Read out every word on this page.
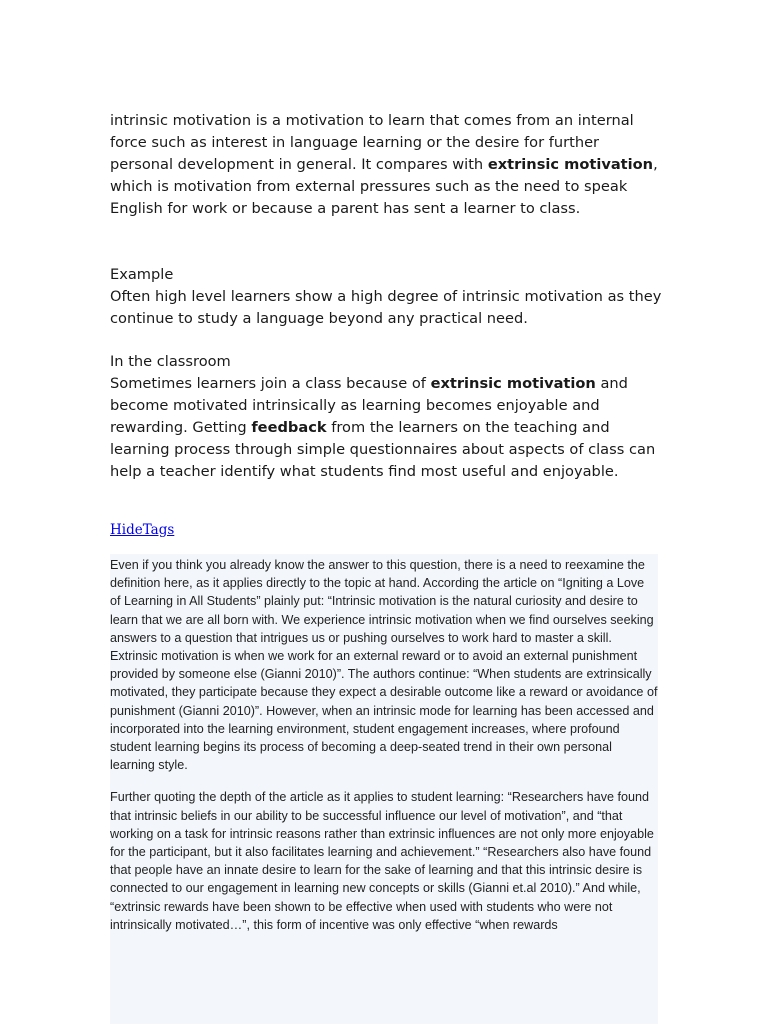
intrinsic motivation is a motivation to learn that comes from an internal force such as interest in language learning or the desire for further personal development in general. It compares with extrinsic motivation, which is motivation from external pressures such as the need to speak English for work or because a parent has sent a learner to class.

Example
Often high level learners show a high degree of intrinsic motivation as they continue to study a language beyond any practical need.

In the classroom
Sometimes learners join a class because of extrinsic motivation and become motivated intrinsically as learning becomes enjoyable and rewarding. Getting feedback from the learners on the teaching and learning process through simple questionnaires about aspects of class can help a teacher identify what students find most useful and enjoyable.

HideTags

Even if you think you already know the answer to this question, there is a need to reexamine the definition here, as it applies directly to the topic at hand. According the article on “Igniting a Love of Learning in All Students” plainly put: “Intrinsic motivation is the natural curiosity and desire to learn that we are all born with. We experience intrinsic motivation when we find ourselves seeking answers to a question that intrigues us or pushing ourselves to work hard to master a skill. Extrinsic motivation is when we work for an external reward or to avoid an external punishment provided by someone else (Gianni 2010)”. The authors continue: “When students are extrinsically motivated, they participate because they expect a desirable outcome like a reward or avoidance of punishment (Gianni 2010)”. However, when an intrinsic mode for learning has been accessed and incorporated into the learning environment, student engagement increases, where profound student learning begins its process of becoming a deep-seated trend in their own personal learning style.

Further quoting the depth of the article as it applies to student learning: “Researchers have found that intrinsic beliefs in our ability to be successful influence our level of motivation”, and “that working on a task for intrinsic reasons rather than extrinsic influences are not only more enjoyable for the participant, but it also facilitates learning and achievement.” “Researchers also have found that people have an innate desire to learn for the sake of learning and that this intrinsic desire is connected to our engagement in learning new concepts or skills (Gianni et.al 2010).” And while, “extrinsic rewards have been shown to be effective when used with students who were not intrinsically motivated…”, this form of incentive was only effective “when rewards
